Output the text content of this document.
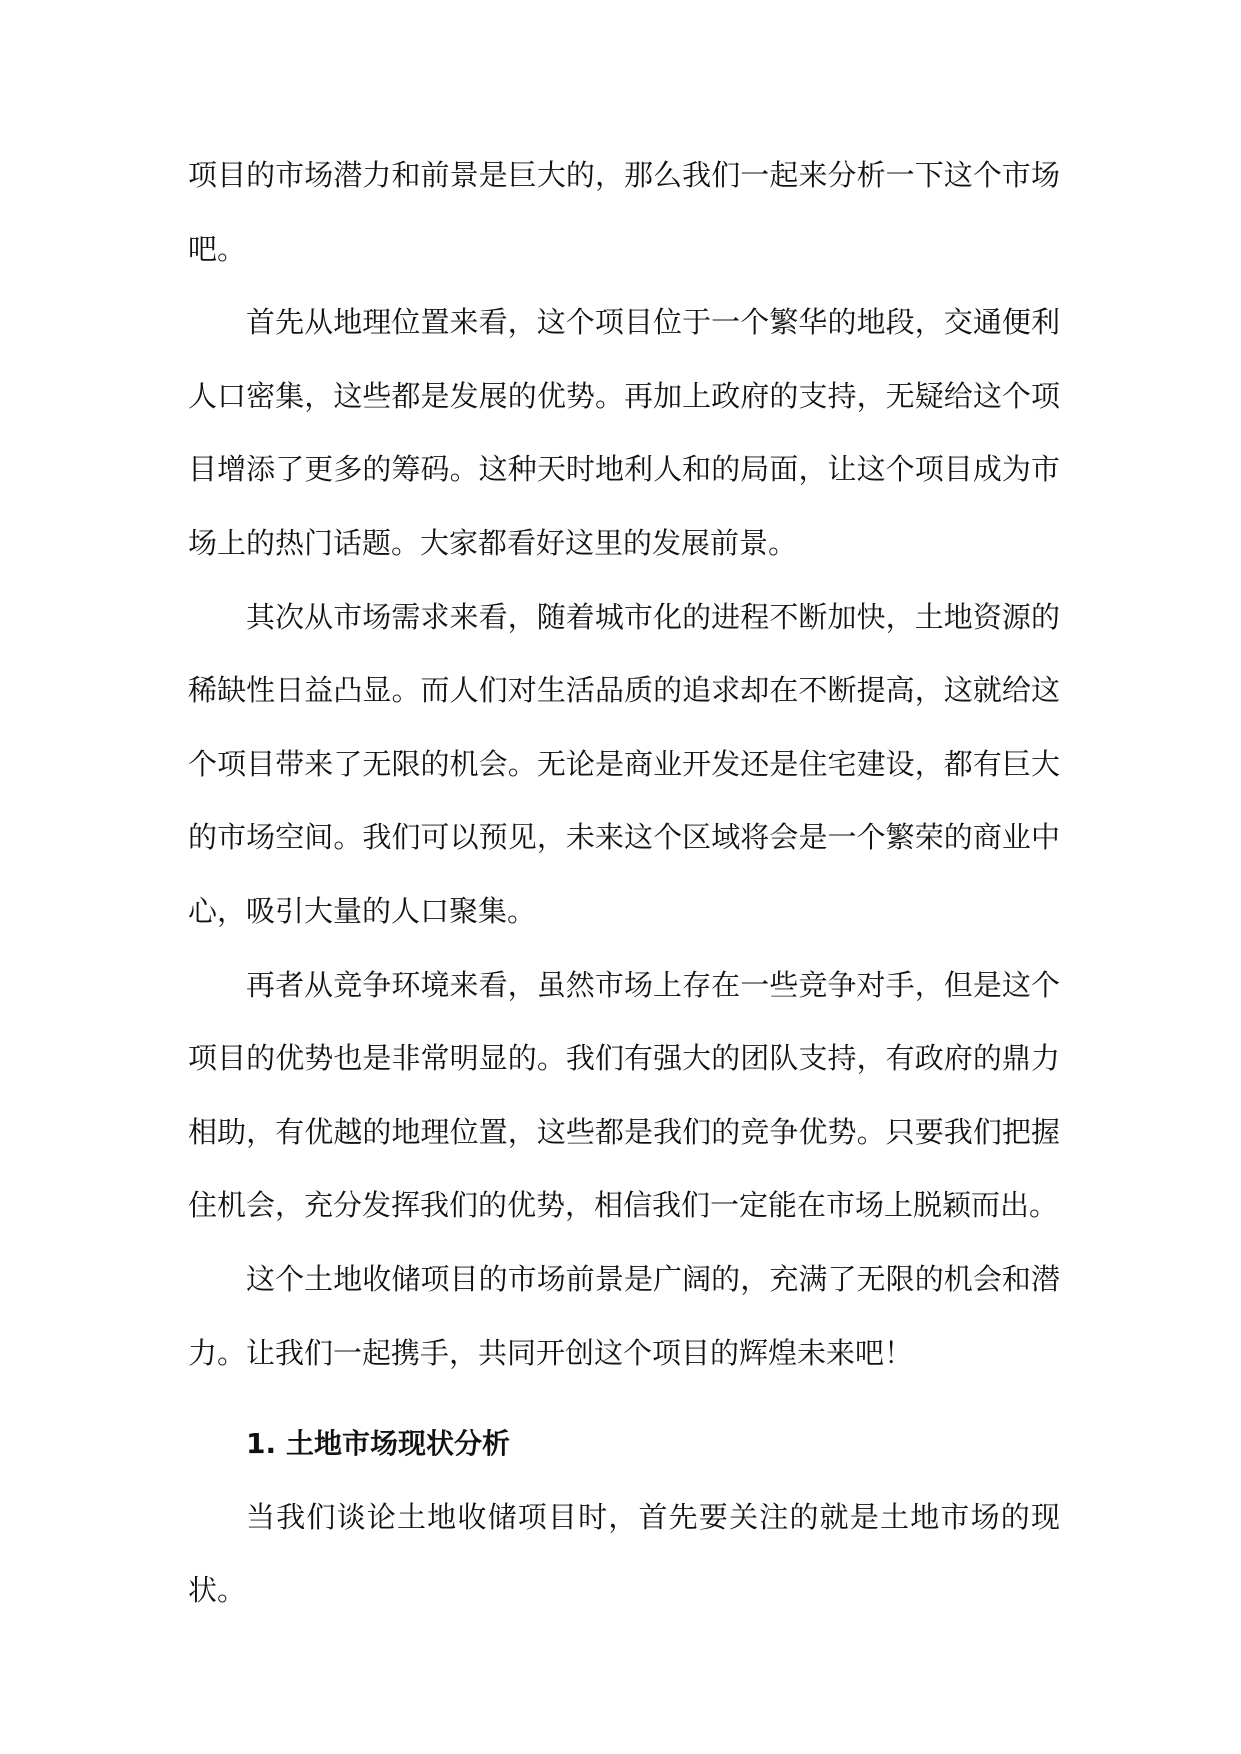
项目的市场潜力和前景是巨大的，那么我们一起来分析一下这个市场吧。

首先从地理位置来看，这个项目位于一个繁华的地段，交通便利人口密集，这些都是发展的优势。再加上政府的支持，无疑给这个项目增添了更多的筹码。这种天时地利人和的局面，让这个项目成为市场上的热门话题。大家都看好这里的发展前景。

其次从市场需求来看，随着城市化的进程不断加快，土地资源的稀缺性日益凸显。而人们对生活品质的追求却在不断提高，这就给这个项目带来了无限的机会。无论是商业开发还是住宅建设，都有巨大的市场空间。我们可以预见，未来这个区域将会是一个繁荣的商业中心，吸引大量的人口聚集。

再者从竞争环境来看，虽然市场上存在一些竞争对手，但是这个项目的优势也是非常明显的。我们有强大的团队支持，有政府的鼎力相助，有优越的地理位置，这些都是我们的竞争优势。只要我们把握住机会，充分发挥我们的优势，相信我们一定能在市场上脱颖而出。

这个土地收储项目的市场前景是广阔的，充满了无限的机会和潜力。让我们一起携手，共同开创这个项目的辉煌未来吧！

1. 土地市场现状分析

当我们谈论土地收储项目时，首先要关注的就是土地市场的现状。
